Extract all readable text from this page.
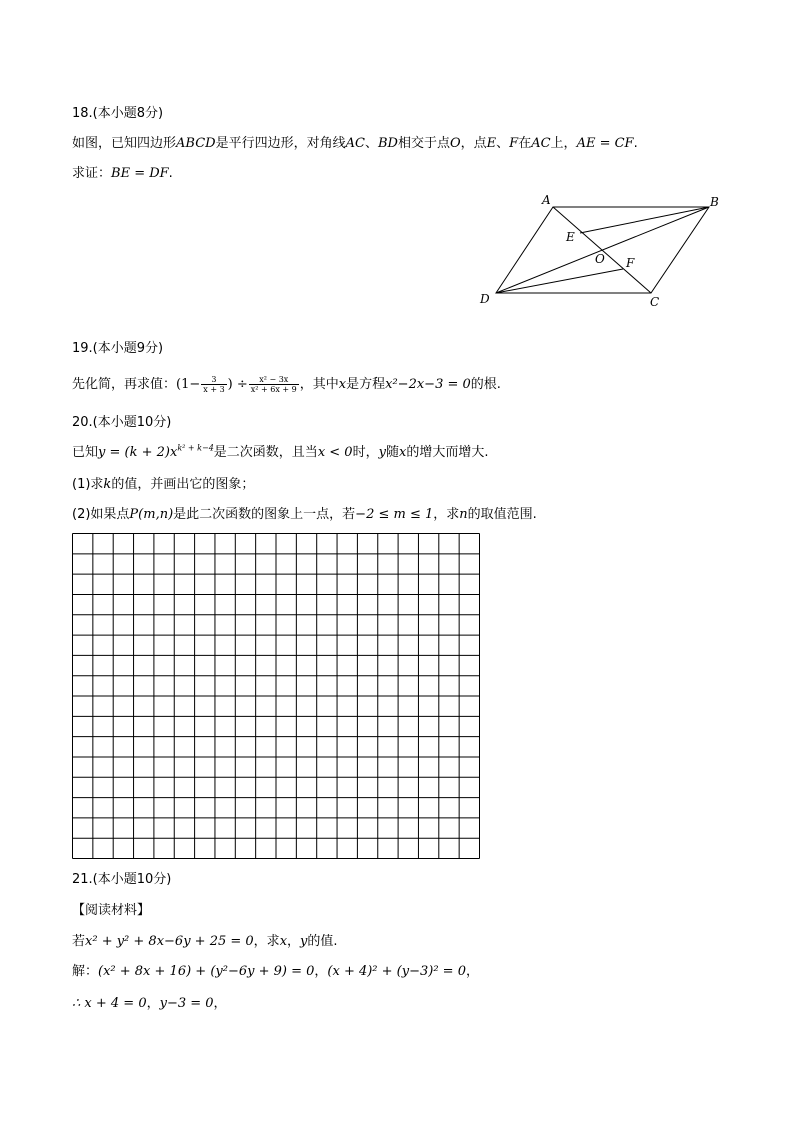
18.(本小题8分)
如图，已知四边形ABCD是平行四边形，对角线AC、BD相交于点O，点E、F在AC上，AE = CF.
求证：BE = DF.
A	B
C
D
E
F
O
19.(本小题9分)
先化简，再求值：($1- \frac{3}{x + 3}$ ) ÷ $\frac{\text{x² − 3x}}{\text{x² + 6x + 9}}$ ，其中x是方程x²−2x−3 = 0的根.
20.(本小题10分)
已知$y = (k + 2)x^{k^2 + k-4}$是二次函数，且当x < 0时，y随x的增大而增大.
(1)求k的值，并画出它的图象；
(2)如果点P(m,n)是此二次函数的图象上一点，若−2 ≤ m ≤ 1，求n的取值范围.
21.(本小题10分)
【阅读材料】
若x² + y² + 8x−6y + 25 = 0，求x，y的值.
解：(x² + 8x + 16) + (y²−6y + 9) = 0，(x + 4)² + (y−3)² = 0，
∴ x + 4 = 0，y−3 = 0，
